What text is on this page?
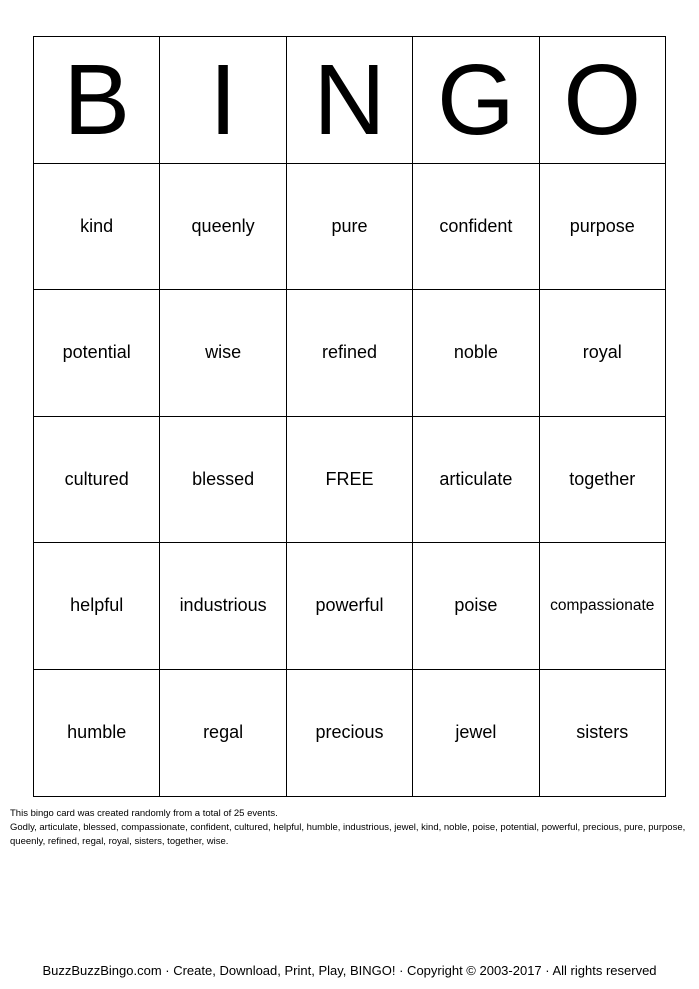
B	I	N	G	O
kind	queenly	pure	confident	purpose
potential	wise	refined	noble	royal
cultured	blessed	FREE	articulate	together
helpful	industrious	powerful	poise	compassionate
humble	regal	precious	jewel	sisters
This bingo card was created randomly from a total of 25 events.
Godly, articulate, blessed, compassionate, confident, cultured, helpful, humble, industrious, jewel, kind, noble, poise, potential, powerful, precious, pure, purpose, queenly, refined, regal, royal, sisters, together, wise.
BuzzBuzzBingo.com · Create, Download, Print, Play, BINGO! · Copyright © 2003-2017 · All rights reserved
